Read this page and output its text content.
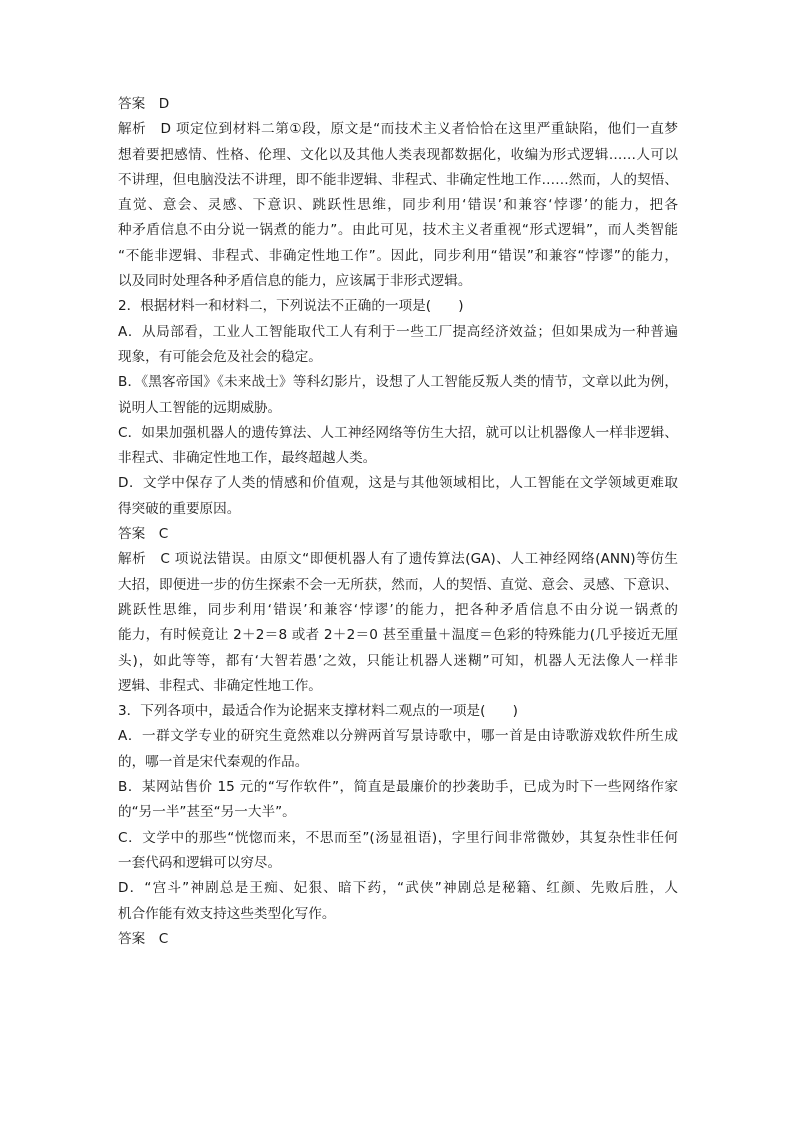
答案　D
解析　D 项定位到材料二第①段，原文是“而技术主义者恰恰在这里严重缺陷，他们一直梦
想着要把感情、性格、伦理、文化以及其他人类表现都数据化，收编为形式逻辑……人可以
不讲理，但电脑没法不讲理，即不能非逻辑、非程式、非确定性地工作……然而，人的契悟、
直觉、意会、灵感、下意识、跳跃性思维，同步利用‘错误’和兼容‘悖谬’的能力，把各
种矛盾信息不由分说一锅煮的能力”。由此可见，技术主义者重视“形式逻辑”，而人类智能
“不能非逻辑、非程式、非确定性地工作”。因此，同步利用“错误”和兼容“悖谬”的能力，
以及同时处理各种矛盾信息的能力，应该属于非形式逻辑。
2．根据材料一和材料二，下列说法不正确的一项是(　　)
A．从局部看，工业人工智能取代工人有利于一些工厂提高经济效益；但如果成为一种普遍
现象，有可能会危及社会的稳定。
B．《黑客帝国》《未来战士》等科幻影片，设想了人工智能反叛人类的情节，文章以此为例，
说明人工智能的远期威胁。
C．如果加强机器人的遗传算法、人工神经网络等仿生大招，就可以让机器像人一样非逻辑、
非程式、非确定性地工作，最终超越人类。
D．文学中保存了人类的情感和价值观，这是与其他领域相比，人工智能在文学领域更难取
得突破的重要原因。
答案　C
解析　C 项说法错误。由原文“即便机器人有了遗传算法(GA)、人工神经网络(ANN)等仿生
大招，即便进一步的仿生探索不会一无所获，然而，人的契悟、直觉、意会、灵感、下意识、
跳跃性思维，同步利用‘错误’和兼容‘悖谬’的能力，把各种矛盾信息不由分说一锅煮的
能力，有时候竟让 2＋2＝8 或者 2＋2＝0 甚至重量＋温度＝色彩的特殊能力(几乎接近无厘
头)，如此等等，都有‘大智若愚’之效，只能让机器人迷糊”可知，机器人无法像人一样非
逻辑、非程式、非确定性地工作。
3．下列各项中，最适合作为论据来支撑材料二观点的一项是(　　)
A．一群文学专业的研究生竟然难以分辨两首写景诗歌中，哪一首是由诗歌游戏软件所生成
的，哪一首是宋代秦观的作品。
B．某网站售价 15 元的“写作软件”，简直是最廉价的抄袭助手，已成为时下一些网络作家
的“另一半”甚至“另一大半”。
C．文学中的那些“恍惚而来，不思而至”(汤显祖语)，字里行间非常微妙，其复杂性非任何
一套代码和逻辑可以穷尽。
D．“宫斗”神剧总是王痴、妃狠、暗下药，“武侠”神剧总是秘籍、红颜、先败后胜，人
机合作能有效支持这些类型化写作。
答案　C
